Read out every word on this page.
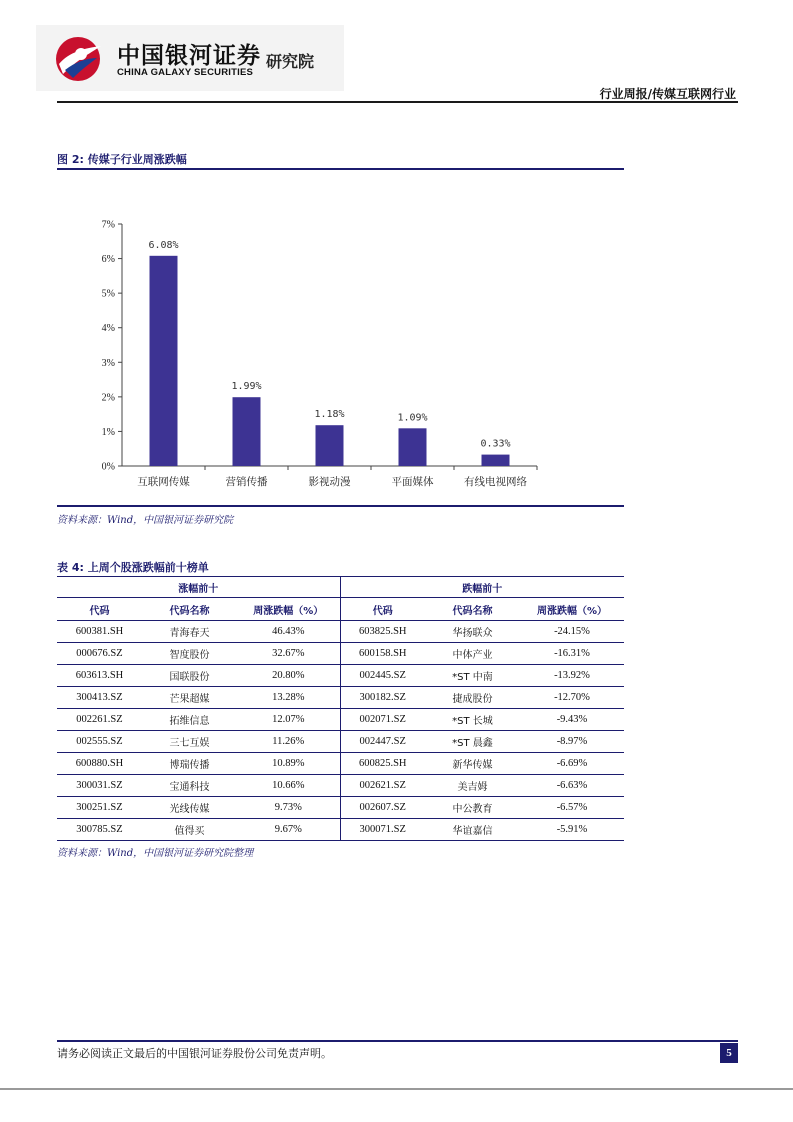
中国银河证券
CHINA GALAXY SECURITIES
研究院
行业周报/传媒互联网行业
图 2: 传媒子行业周涨跌幅
0%
1%
2%
3%
4%
5%
6%
7%
6.08%
互联网传媒
1.99%
营销传播
1.18%
影视动漫
1.09%
平面媒体
0.33%
有线电视网络
资料来源：Wind，中国银河证券研究院
表 4: 上周个股涨跌幅前十榜单
涨幅前十			跌幅前十		
代码	代码名称	周涨跌幅（%）	代码	代码名称	周涨跌幅（%）
600381.SH	青海春天	46.43%	603825.SH	华扬联众	-24.15%
000676.SZ	智度股份	32.67%	600158.SH	中体产业	-16.31%
603613.SH	国联股份	20.80%	002445.SZ	*ST 中南	-13.92%
300413.SZ	芒果超媒	13.28%	300182.SZ	捷成股份	-12.70%
002261.SZ	拓维信息	12.07%	002071.SZ	*ST 长城	-9.43%
002555.SZ	三七互娱	11.26%	002447.SZ	*ST 晨鑫	-8.97%
600880.SH	博瑞传播	10.89%	600825.SH	新华传媒	-6.69%
300031.SZ	宝通科技	10.66%	002621.SZ	美吉姆	-6.63%
300251.SZ	光线传媒	9.73%	002607.SZ	中公教育	-6.57%
300785.SZ	值得买	9.67%	300071.SZ	华谊嘉信	-5.91%
资料来源：Wind，中国银河证券研究院整理
请务必阅读正文最后的中国银河证券股份公司免责声明。	5
